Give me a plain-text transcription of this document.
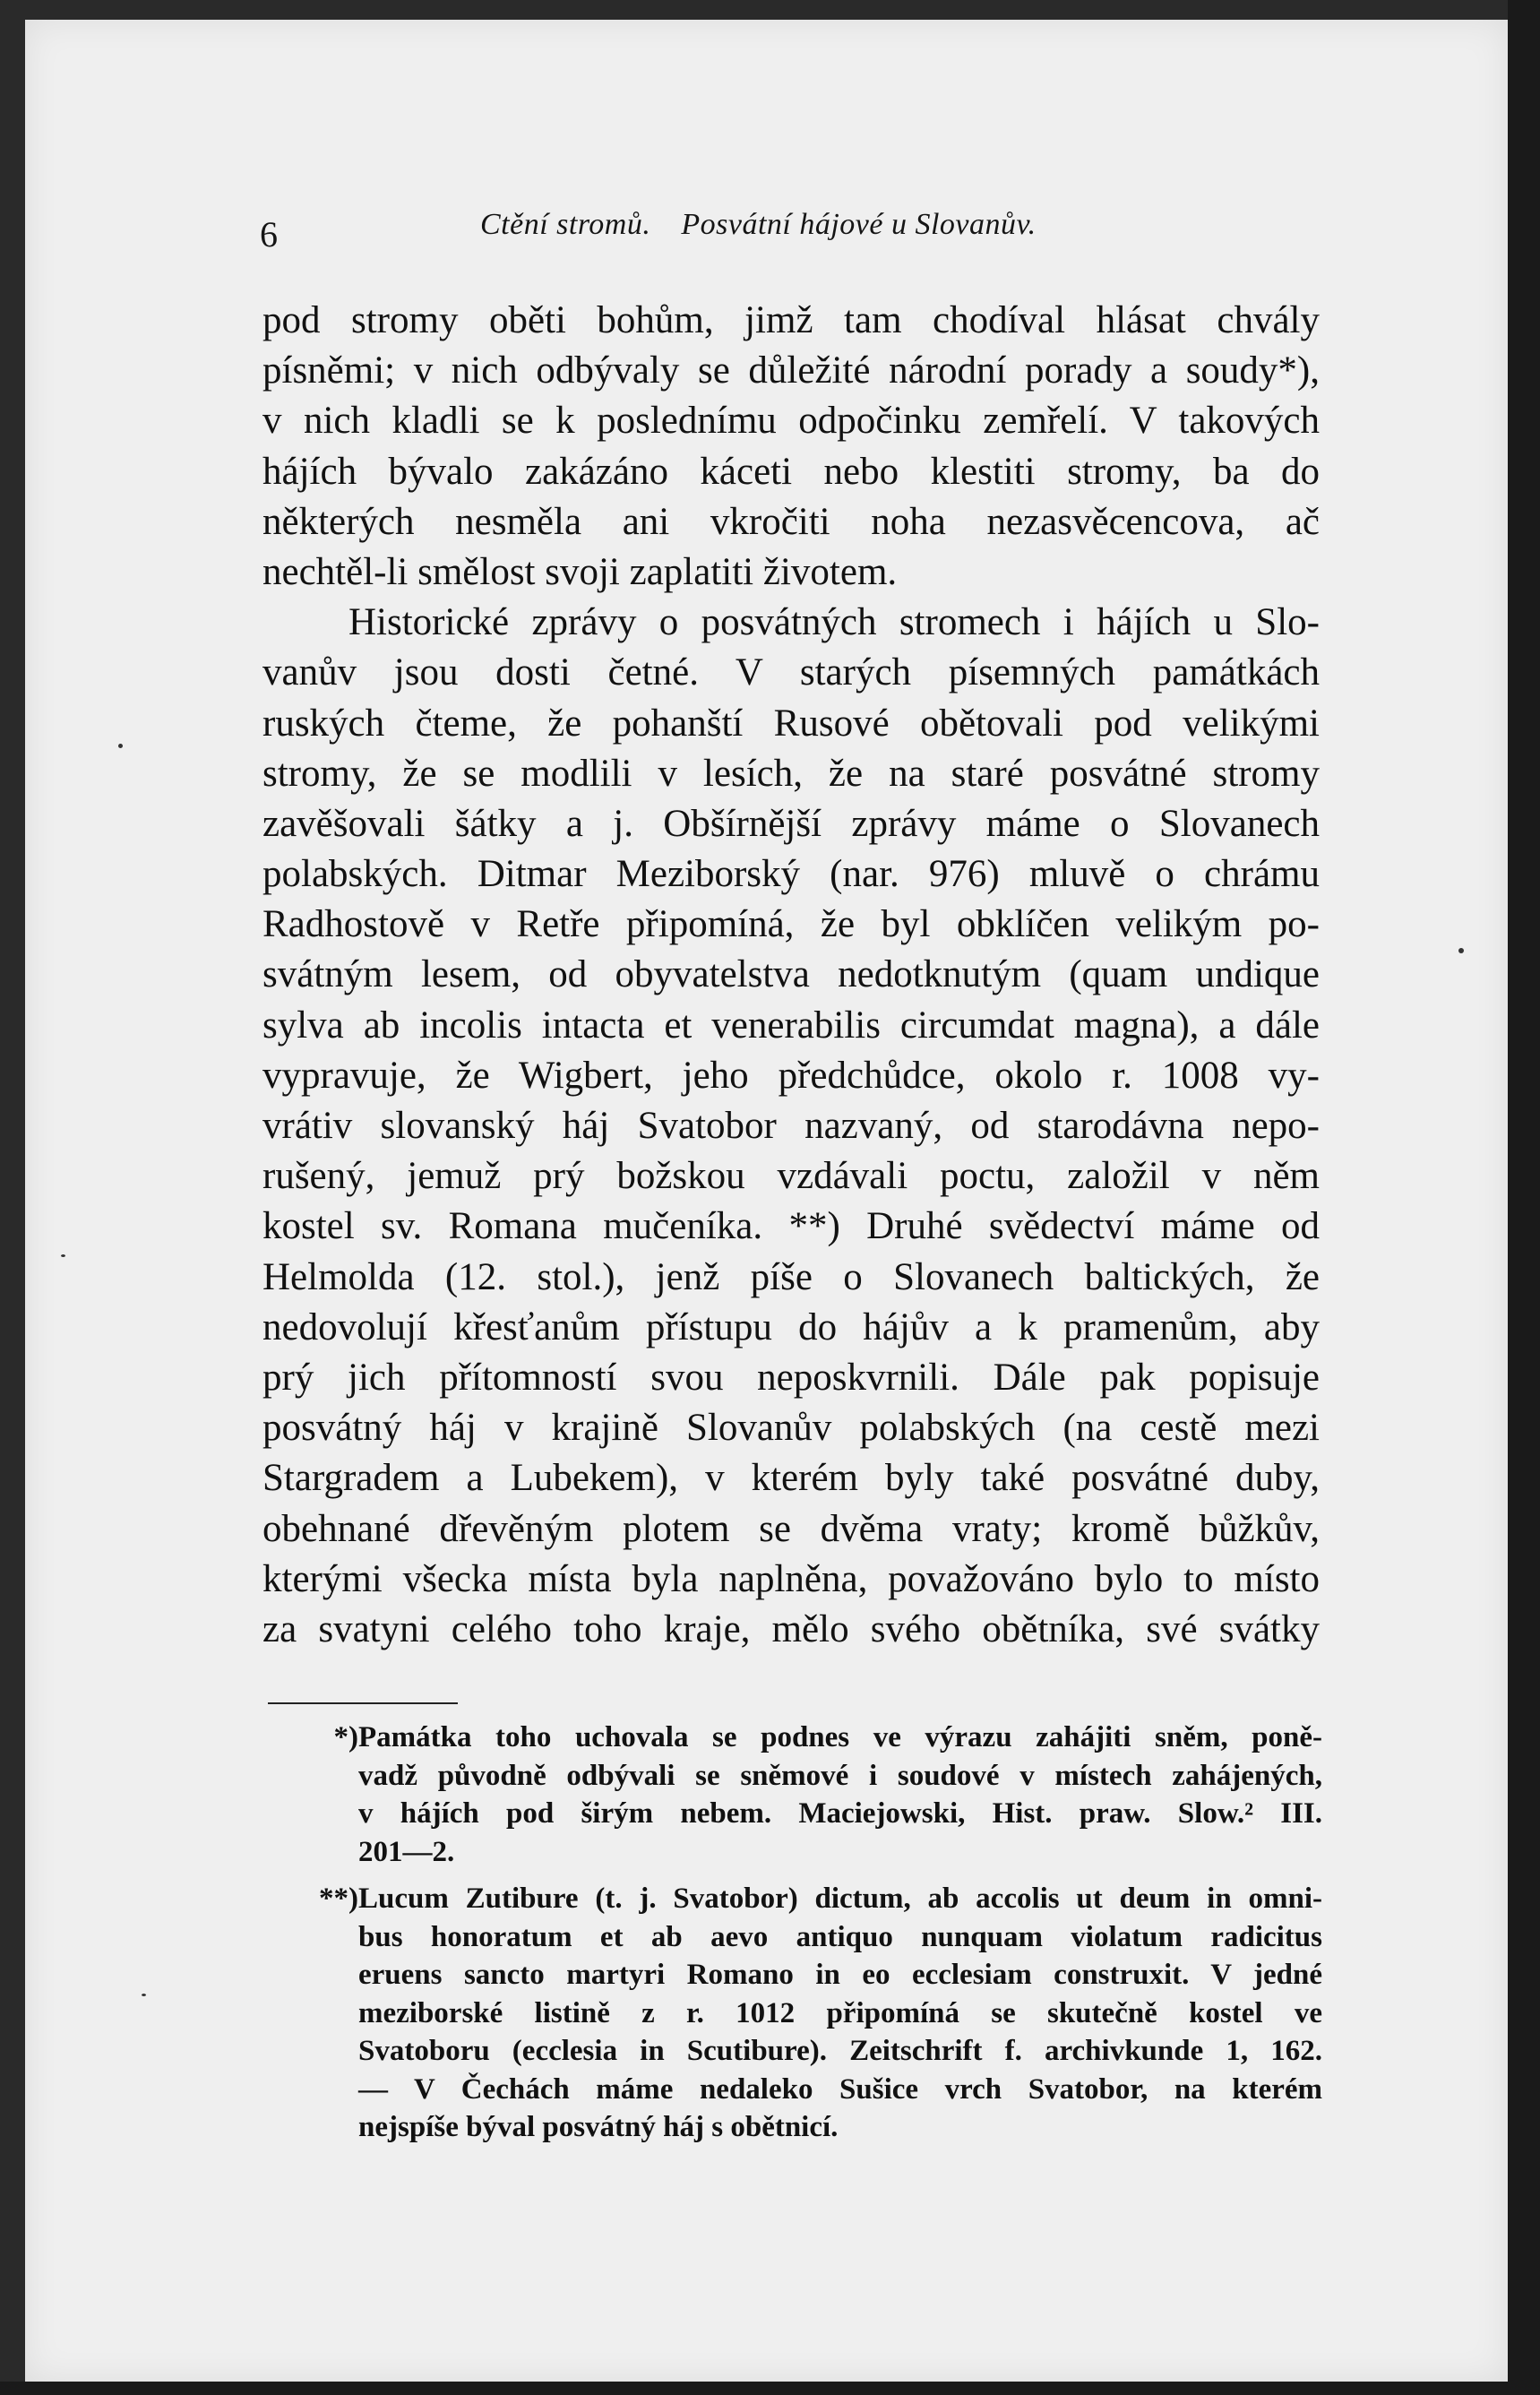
6	Ctění stromů. Posvátní hájové u Slovanův.
pod stromy oběti bohům, jimž tam chodíval hlásat chvály
písněmi; v nich odbývaly se důležité národní porady a soudy*),
v nich kladli se k poslednímu odpočinku zemřelí. V takových
hájích bývalo zakázáno káceti nebo klestiti stromy, ba do
některých nesměla ani vkročiti noha nezasvěcencova, ač
nechtěl-li smělost svoji zaplatiti životem.
Historické zprávy o posvátných stromech i hájích u Slo-
vanův jsou dosti četné. V starých písemných památkách
ruských čteme, že pohanští Rusové obětovali pod velikými
stromy, že se modlili v lesích, že na staré posvátné stromy
zavěšovali šátky a j. Obšírnější zprávy máme o Slovanech
polabských. Ditmar Meziborský (nar. 976) mluvě o chrámu
Radhostově v Retře připomíná, že byl obklíčen velikým po-
svátným lesem, od obyvatelstva nedotknutým (quam undique
sylva ab incolis intacta et venerabilis circumdat magna), a dále
vypravuje, že Wigbert, jeho předchůdce, okolo r. 1008 vy-
vrátiv slovanský háj Svatobor nazvaný, od starodávna nepo-
rušený, jemuž prý božskou vzdávali poctu, založil v něm
kostel sv. Romana mučeníka. **) Druhé svědectví máme od
Helmolda (12. stol.), jenž píše o Slovanech baltických, že
nedovolují křesťanům přístupu do hájův a k pramenům, aby
prý jich přítomností svou neposkvrnili. Dále pak popisuje
posvátný háj v krajině Slovanův polabských (na cestě mezi
Stargradem a Lubekem), v kterém byly také posvátné duby,
obehnané dřevěným plotem se dvěma vraty; kromě bůžkův,
kterými všecka místa byla naplněna, považováno bylo to místo
za svatyni celého toho kraje, mělo svého obětníka, své svátky
*) Památka toho uchovala se podnes ve výrazu zahájiti sněm, poně-
vadž původně odbývali se sněmové i soudové v místech zahájených,
v hájích pod širým nebem. Maciejowski, Hist. praw. Slow.² III.
201—2.
**) Lucum Zutibure (t. j. Svatobor) dictum, ab accolis ut deum in omni-
bus honoratum et ab aevo antiquo nunquam violatum radicitus
eruens sancto martyri Romano in eo ecclesiam construxit. V jedné
meziborské listině z r. 1012 připomíná se skutečně kostel ve
Svatoboru (ecclesia in Scutibure). Zeitschrift f. archivkunde 1, 162.
— V Čechách máme nedaleko Sušice vrch Svatobor, na kterém
nejspíše býval posvátný háj s obětnicí.
